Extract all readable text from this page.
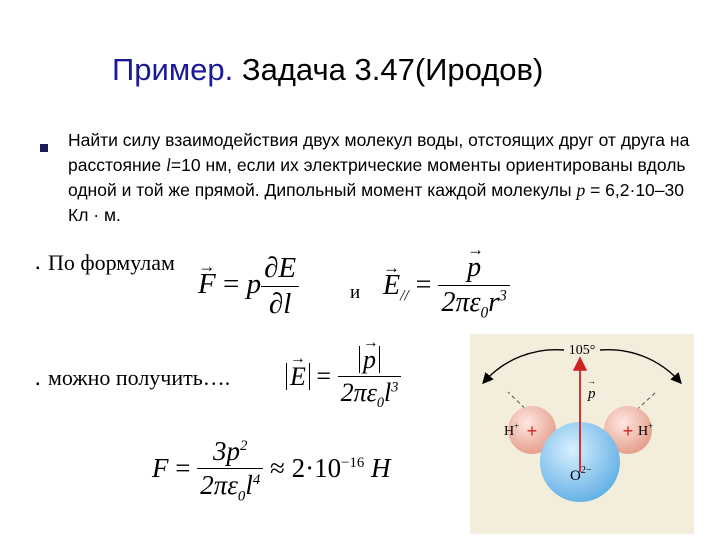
Пример. Задача 3.47(Иродов)
Найти силу взаимодействия двух молекул воды, отстоящих друг от друга на расстояние l=10 нм, если их электрические моменты ориентированы вдоль одной и той же прямой. Дипольный момент каждой молекулы p = 6,2·10–30 Кл · м.
▪ По формулам
→ F = p $\frac{\partial E}{\partial l}$	и
→ $E_{//}$ =
→ $\frac{p}{2\pi\varepsilon_0r^3}$
▪ можно получить….
→ E =
→ $\frac{p}{2\pi\varepsilon_0l^3}$
$F = \frac{3p^2}{2\pi\varepsilon_0l^4} \approx 2\cdot 10^{-16}$ H
105°
+	+
p
→
H+	H+
$O^{2-}$
